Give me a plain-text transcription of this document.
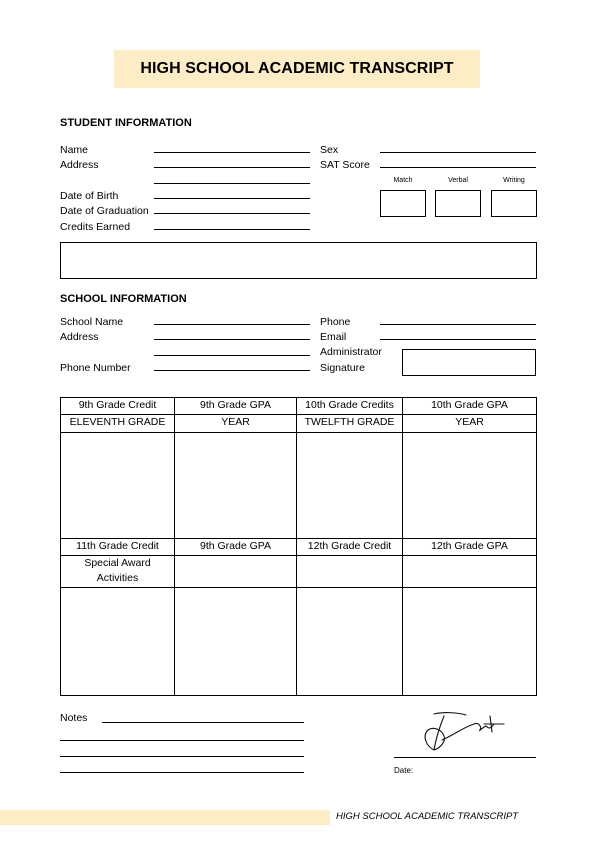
HIGH SCHOOL ACADEMIC TRANSCRIPT
STUDENT INFORMATION
Name
Address
Date of Birth
Date of Graduation
Credits Earned
Sex
SAT Score
Match	Verbal	Writing
SCHOOL INFORMATION
School Name
Address
Phone Number
Phone
Email
Administrator
Signature
9th Grade Credit	9th Grade GPA	10th Grade Credits	10th Grade GPA
ELEVENTH GRADE	YEAR	TWELFTH GRADE	YEAR

11th Grade Credit	9th Grade GPA	12th Grade Credit	12th Grade GPA

Special Award Activities			

Notes
Date:
HIGH SCHOOL ACADEMIC TRANSCRIPT
